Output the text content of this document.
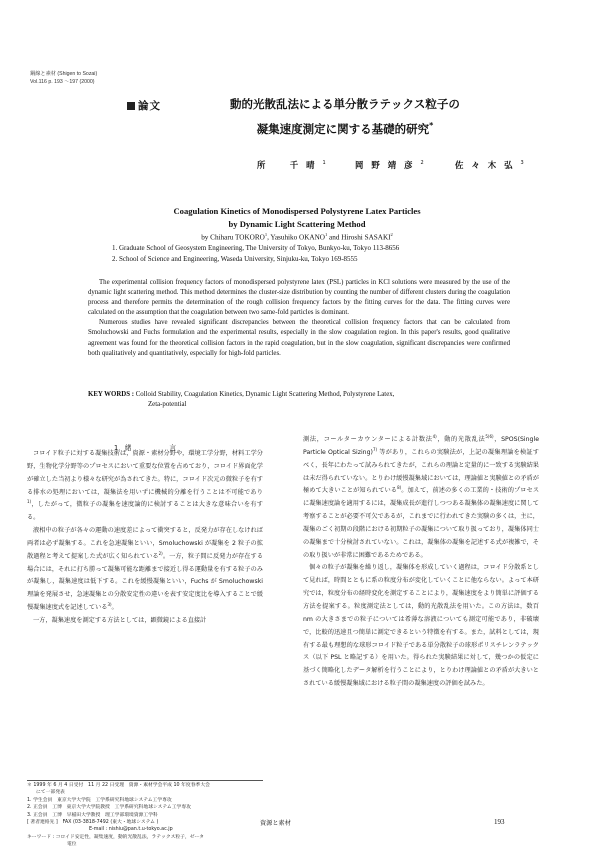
鋼線と素材 (Shigen to Sozai)
Vol.116 p. 193 ～197 (2000)
論文	動的光散乱法による単分散ラテックス粒子の
凝集速度測定に関する基礎的研究*
所　千晴$^1$	岡野靖彦$^2$	佐々木弘$^3$
Coagulation Kinetics of Monodispersed Polystyrene Latex Particles
by Dynamic Light Scattering Method
by Chiharu TOKORO$^1$, Yasuhiko OKANO$^1$ and Hiroshi SASAKI$^2$
1. Graduate School of Geosystem Engineering, The University of Tokyo, Bunkyo-ku, Tokyo 113-8656
2. School of Science and Engineering, Waseda University, Sinjuku-ku, Tokyo 169-8555

The experimental collision frequency factors of monodispersed polystyrene latex (PSL) particles in KCl solutions were measured by the use of the dynamic light scattering method. This method determines the cluster-size distribution by counting the number of different clusters during the coagulation process and therefore permits the determination of the rough collision frequency factors by the fitting curves for the data. The fitting curves were calculated on the assumption that the coagulation between two same-fold particles is dominant.

Numerous studies have revealed significant discrepancies between the theoretical collision frequency factors that can be calculated from Smoluchowski and Fuchs formulation and the experimental results, especially in the slow coagulation region. In this paper's results, good qualitative agreement was found for the theoretical collision factors in the rapid coagulation, but in the slow coagulation, significant discrepancies were confirmed both qualitatively and quantitatively, especially for high-fold particles.

KEY WORDS : Colloid Stability, Coagulation Kinetics, Dynamic Light Scattering Method, Polystyrene Latex,
Zeta-potential
1．緒	言

コロイド粒子に対する凝集技術は，資源・素材分野や，環境工学分野，材料工学分野，生物化学分野等のプロセスにおいて重要な位置を占めており，コロイド界面化学が確立した当初より様々な研究が為されてきた。特に，コロイド次元の微粒子を有する排水の処理においては，凝集法を用いずに機械的分離を行うことは不可能であり$^{1)}$，したがって，微粒子の凝集を速度論的に検討することは大きな意味合いを有する。

液相中の粒子が各々の運動の速度差によって衝突すると，反発力が存在しなければ両者は必ず凝集する。これを急速凝集といい，Smoluchowski が凝集を 2 粒子の拡散過程と考えて提案した式が広く知られている$^{2)}$。一方，粒子間に反発力が存在する場合には，それに打ち勝って凝集可能な距離まで接近し得る運動量を有する粒子のみが凝集し，凝集速度は低下する。これを緩慢凝集といい，Fuchs が Smoluchowski 理論を発展させ，急速凝集との分散安定性の違いを表す安定度比を導入することで緩慢凝集速度式を記述している$^{3)}$。

一方，凝集速度を測定する方法としては，顕微鏡による直接計

測法，コールターカウンターによる計数法$^{4)}$，動的光散乱法$^{5)6)}$，SPOS(Single Particle Optical Sizing)$^{7)}$ 等があり，これらの実験法が，上記の凝集理論を検証すべく，長年にわたって試みられてきたが，これらの理論と定量的に一致する実験結果は未だ得られていない。とりわけ緩慢凝集域においては，理論値と実験値との矛盾が極めて大きいことが知られている$^{8)}$。加えて，前述の多くの工業的・技術的プロセスに凝集速度論を適用するには，凝集成長が進行しつつある凝集体の凝集速度に関して考察することが必要不可欠であるが，これまでに行われてきた実験の多くは，主に，凝集のごく初期の段階における初期粒子の凝集について取り扱っており，凝集体同士の凝集まで十分検討されていない。これは，凝集体の凝集を記述する式が複雑で，その取り扱いが非常に困難であるためである。

個々の粒子が凝集を繰り返し，凝集体を形成していく過程は，コロイド分散系として見れば，時間とともに系の粒度分布が変化していくことに他ならない。よって本研究では，粒度分布の経時変化を測定することにより，凝集速度をより簡単に評価する方法を提案する。粒度測定法としては，動的光散乱法を用いた。この方法は，数百 nm の大きさまでの粒子については希薄な溶液についても測定可能であり，非破壊で，比較的迅速且つ簡単に測定できるという特徴を有する。また，試料としては，現有する最も理想的な球形コロイド粒子である単分散粒子の球形ポリスチレンラテックス（以下 PSL と略記する）を用いた。得られた実験結果に対して，幾つかの仮定に基づく簡略化したデータ解析を行うことにより，とりわけ理論値との矛盾が大きいとされている緩慢凝集域における粒子間の凝集速度の評価を試みた。

＊ 1999 年 6 月 4 日受付　11 月 22 日受理　資源・素材学会平成 10 年度春季大会
にて一部発表
1. 学生会員　東京大学大学院　工学系研究科地球システム工学専攻
2. 正会員　工博　東京大学大学院教授　工学系研究科地球システム工学専攻
3. 正会員　工博　早稲田大学教授　理工学部環境資源工学科
[ 著者連絡先 ]　FAX (03-3818-7492 (東大・地球システム )
E-mail : nishiu@pan.t.u-tokyo.ac.jp
キーワード : コロイド安定性，凝集速度，動的光散乱法，ラテックス粒子，ゼータ
電位
資源と素材	193
